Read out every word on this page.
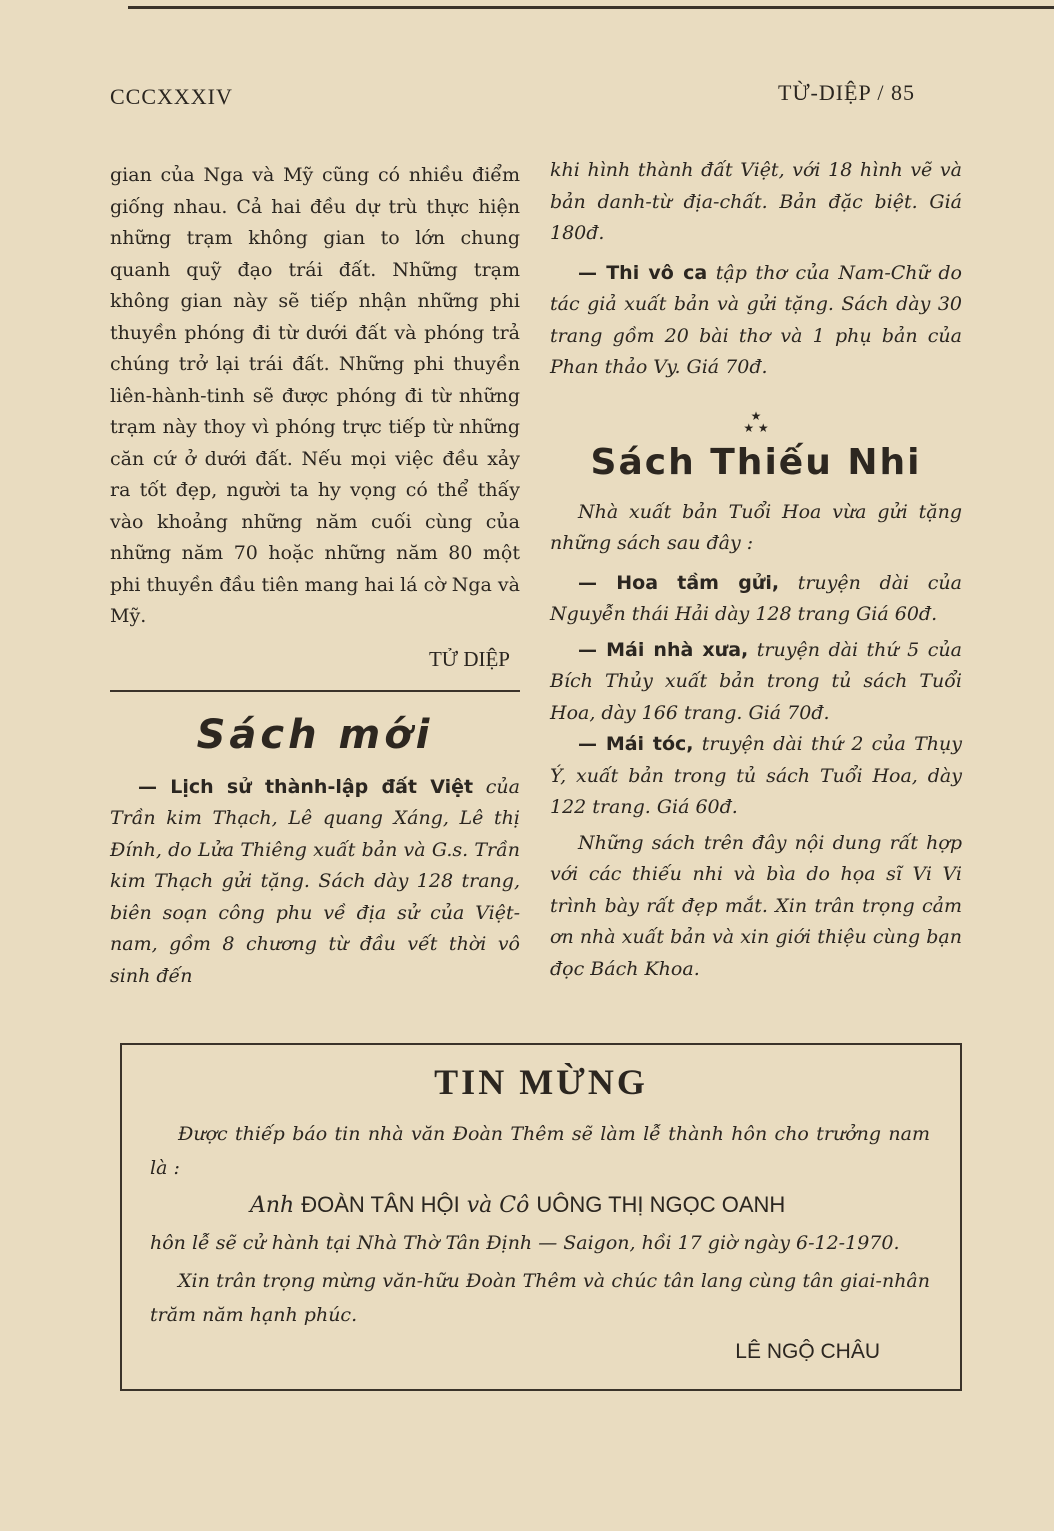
CCCXXXIV	TỪ-DIỆP / 85

gian của Nga và Mỹ cũng có nhiều điểm giống nhau. Cả hai đều dự trù thực hiện những trạm không gian to lớn chung quanh quỹ đạo trái đất. Những trạm không gian này sẽ tiếp nhận những phi thuyền phóng đi từ dưới đất và phóng trả chúng trở lại trái đất. Những phi thuyền liên-hành-tinh sẽ được phóng đi từ những trạm này thoy vì phóng trực tiếp từ những căn cứ ở dưới đất. Nếu mọi việc đều xảy ra tốt đẹp, người ta hy vọng có thể thấy vào khoảng những năm cuối cùng của những năm 70 hoặc những năm 80 một phi thuyền đầu tiên mang hai lá cờ Nga và Mỹ.

TỬ DIỆP
Sách mới

— Lịch sử thành-lập đất Việt của Trần kim Thạch, Lê quang Xáng, Lê thị Đính, do Lửa Thiêng xuất bản và G.s. Trần kim Thạch gửi tặng. Sách dày 128 trang, biên soạn công phu về địa sử của Việt-nam, gồm 8 chương từ đầu vết thời vô sinh đến

khi hình thành đất Việt, với 18 hình vẽ và bản danh-từ địa-chất. Bản đặc biệt. Giá 180đ.

— Thi vô ca tập thơ của Nam-Chữ do tác giả xuất bản và gửi tặng. Sách dày 30 trang gồm 20 bài thơ và 1 phụ bản của Phan thảo Vy. Giá 70đ.

★
★ ★
Sách Thiếu Nhi

Nhà xuất bản Tuổi Hoa vừa gửi tặng những sách sau đây :

— Hoa tầm gửi, truyện dài của Nguyễn thái Hải dày 128 trang Giá 60đ.

— Mái nhà xưa, truyện dài thứ 5 của Bích Thủy xuất bản trong tủ sách Tuổi Hoa, dày 166 trang. Giá 70đ.

— Mái tóc, truyện dài thứ 2 của Thụy Ý, xuất bản trong tủ sách Tuổi Hoa, dày 122 trang. Giá 60đ.

Những sách trên đây nội dung rất hợp với các thiếu nhi và bìa do họa sĩ Vi Vi trình bày rất đẹp mắt. Xin trân trọng cảm ơn nhà xuất bản và xin giới thiệu cùng bạn đọc Bách Khoa.

TIN MỪNG

Được thiếp báo tin nhà văn Đoàn Thêm sẽ làm lễ thành hôn cho trưởng nam là :

Anh ĐOÀN TÂN HỘI và Cô UÔNG THỊ NGỌC OANH

hôn lễ sẽ cử hành tại Nhà Thờ Tân Định — Saigon, hồi 17 giờ ngày 6-12-1970.

Xin trân trọng mừng văn-hữu Đoàn Thêm và chúc tân lang cùng tân giai-nhân trăm năm hạnh phúc.

LÊ NGỘ CHÂU
